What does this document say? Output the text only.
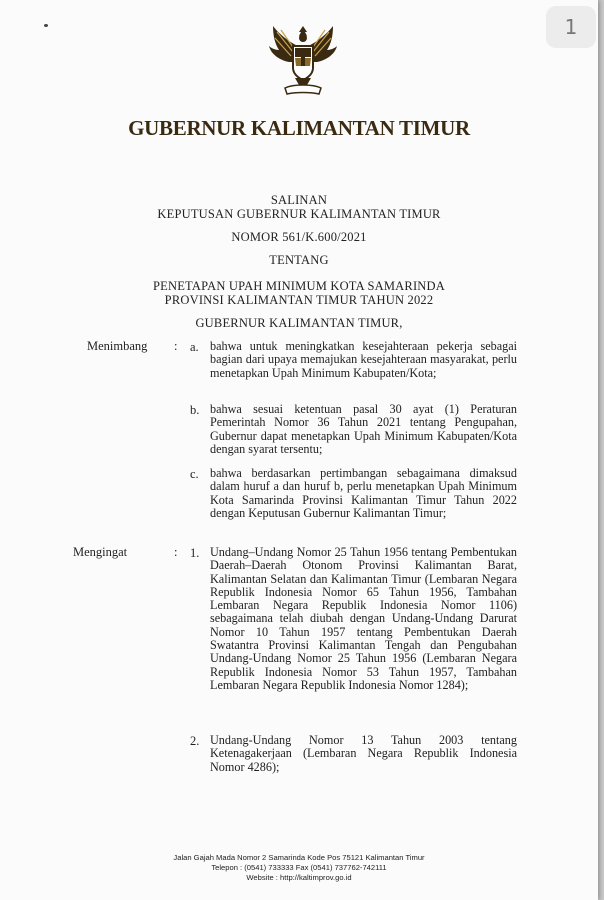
GUBERNUR KALIMANTAN TIMUR
SALINAN
KEPUTUSAN GUBERNUR KALIMANTAN TIMUR
NOMOR 561/K.600/2021
TENTANG
PENETAPAN UPAH MINIMUM KOTA SAMARINDA
PROVINSI KALIMANTAN TIMUR TAHUN 2022
GUBERNUR KALIMANTAN TIMUR,
Menimbang : a. bahwa untuk meningkatkan kesejahteraan pekerja sebagai bagian dari upaya memajukan kesejahteraan masyarakat, perlu menetapkan Upah Minimum Kabupaten/Kota;
b. bahwa sesuai ketentuan pasal 30 ayat (1) Peraturan Pemerintah Nomor 36 Tahun 2021 tentang Pengupahan, Gubernur dapat menetapkan Upah Minimum Kabupaten/Kota dengan syarat tersentu;
c. bahwa berdasarkan pertimbangan sebagaimana dimaksud dalam huruf a dan huruf b, perlu menetapkan Upah Minimum Kota Samarinda Provinsi Kalimantan Timur Tahun 2022 dengan Keputusan Gubernur Kalimantan Timur;
Mengingat	: 1. Undang–Undang Nomor 25 Tahun 1956 tentang Pembentukan Daerah–Daerah Otonom Provinsi Kalimantan Barat, Kalimantan Selatan dan Kalimantan Timur (Lembaran Negara Republik Indonesia Nomor 65 Tahun 1956, Tambahan Lembaran Negara Republik Indonesia Nomor 1106) sebagaimana telah diubah dengan Undang-Undang Darurat Nomor 10 Tahun 1957 tentang Pembentukan Daerah Swatantra Provinsi Kalimantan Tengah dan Pengubahan Undang-Undang Nomor 25 Tahun 1956 (Lembaran Negara Republik Indonesia Nomor 53 Tahun 1957, Tambahan Lembaran Negara Republik Indonesia Nomor 1284);
2. Undang-Undang Nomor 13 Tahun 2003 tentang Ketenagakerjaan (Lembaran Negara Republik Indonesia Nomor 4286);
Jalan Gajah Mada Nomor 2 Samarinda Kode Pos 75121 Kalimantan Timur
Telepon : (0541) 733333 Fax (0541) 737762-742111
Website : http://kaltimprov.go.id
1
